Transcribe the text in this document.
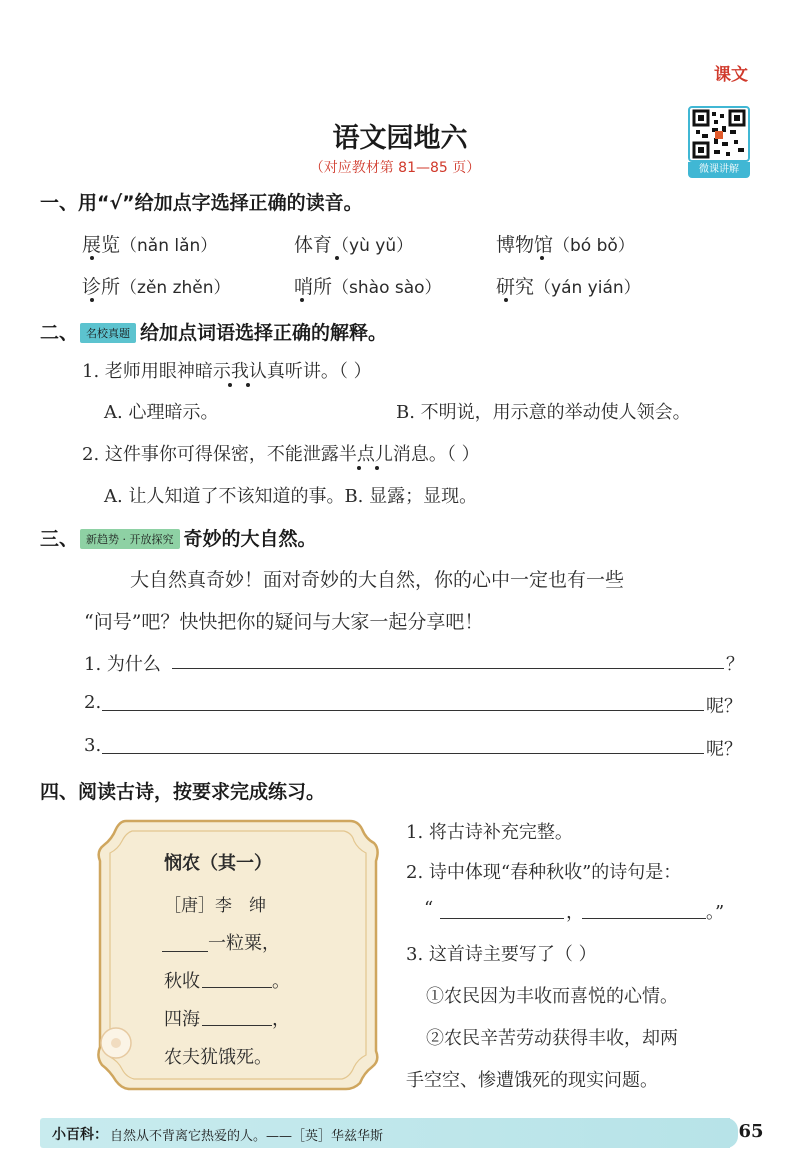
课文
语文园地六
（对应教材第 81—85 页）	微课讲解
一、用“√”给加点字选择正确的读音。
展览（nǎn lǎn）	体育（yù yǔ）	博物馆（bó bǒ）
诊所（zěn zhěn）	哨所（shào sào）	研究（yán yián）
二、 名校真题 给加点词语选择正确的解释。
1. 老师用眼神暗示我认真听讲。（ ）
A. 心理暗示。	B. 不明说，用示意的举动使人领会。
2. 这件事你可得保密，不能泄露半点儿消息。（ ）
A. 让人知道了不该知道的事。B. 显露；显现。
三、 新趋势 · 开放探究 奇妙的大自然。
大自然真奇妙！面对奇妙的大自然，你的心中一定也有一些
“问号”吧？快快把你的疑问与大家一起分享吧！
1. 为什么	？
2.	呢？
3.	呢？
四、阅读古诗，按要求完成练习。
悯农（其一）
［唐］李　绅
一粒粟，
秋收	。
四海	，
农夫犹饿死。
1. 将古诗补充完整。
2. 诗中体现“春种秋收”的诗句是：
“	，	。”
3. 这首诗主要写了（ ）
①农民因为丰收而喜悦的心情。
②农民辛苦劳动获得丰收，却两
手空空、惨遭饿死的现实问题。
小百科： 自然从不背离它热爱的人。——［英］华兹华斯	65
